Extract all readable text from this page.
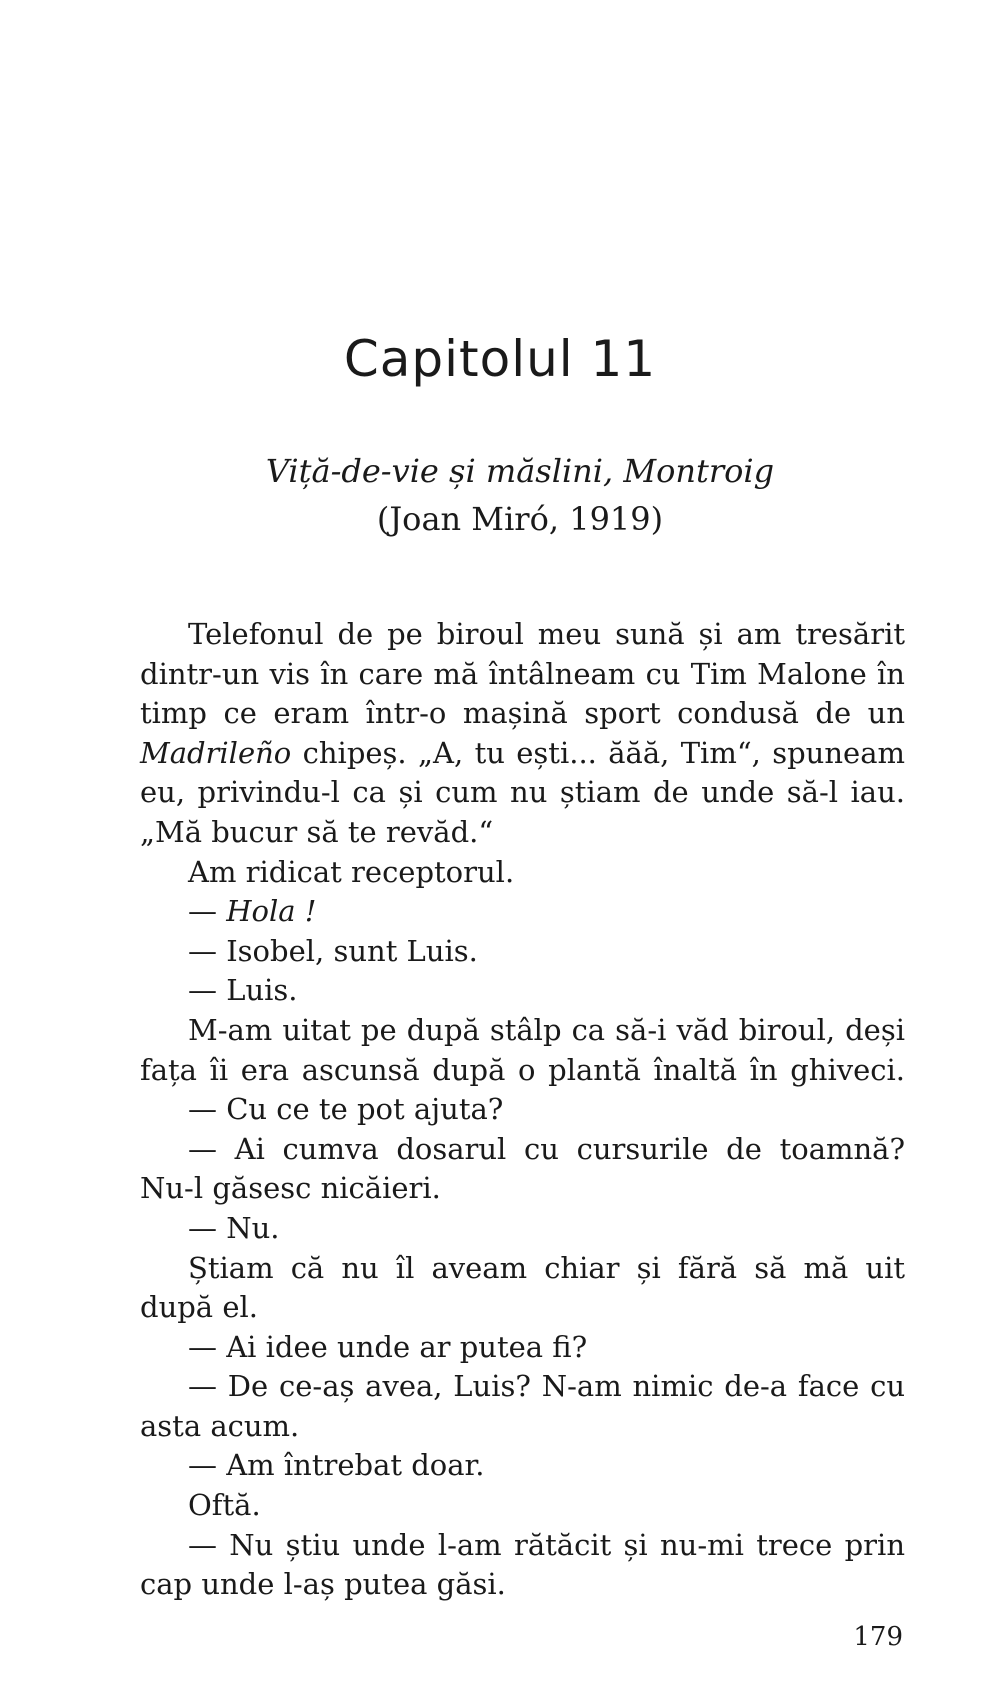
Capitolul 11
Viță-de-vie și măslini, Montroig
(Joan Miró, 1919)

Telefonul de pe biroul meu sună și am tresărit dintr-un vis în care mă întâlneam cu Tim Malone în timp ce eram într-o mașină sport condusă de un Madrileño chipeș. „A, tu ești... ăăă, Tim“, spuneam eu, privindu-l ca și cum nu știam de unde să-l iau. „Mă bucur să te revăd.“

Am ridicat receptorul.

— Hola !

— Isobel, sunt Luis.

— Luis.

M-am uitat pe după stâlp ca să-i văd biroul, deși fața îi era ascunsă după o plantă înaltă în ghiveci.

— Cu ce te pot ajuta?

— Ai cumva dosarul cu cursurile de toamnă? Nu-l găsesc nicăieri.

— Nu.

Știam că nu îl aveam chiar și fără să mă uit după el.

— Ai idee unde ar putea fi?

— De ce-aș avea, Luis? N-am nimic de-a face cu asta acum.

— Am întrebat doar.

Oftă.

— Nu știu unde l-am rătăcit și nu-mi trece prin cap unde l-aș putea găsi.

179
